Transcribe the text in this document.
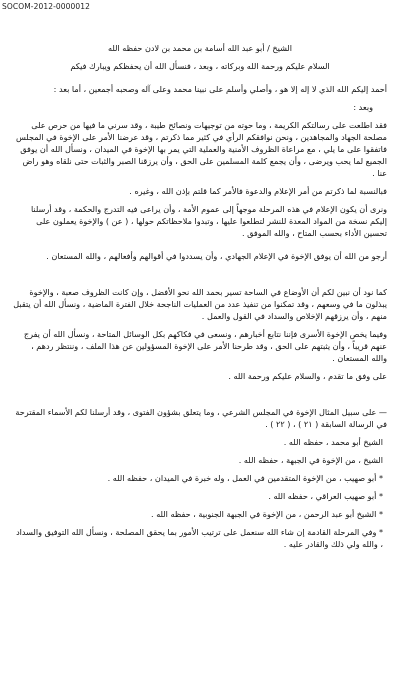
SOCOM-2012-0000012
الشيخ / أبو عبد الله أسامة بن محمد بن لادن حفظه الله
السلام عليكم ورحمة الله وبركاته ، وبعد ، فنسأل الله أن يحفظكم ويبارك فيكم
أحمد إليكم الله الذي لا إله إلا هو ، وأصلي وأسلم على نبينا محمد وعلى آله وصحبه أجمعين ، أما بعد :
وبعد :
فقد اطلعت على رسالتكم الكريمة ، وما حوته من توجيهات ونصائح طيبة ، وقد سرني ما فيها من حرص على مصلحة الجهاد والمجاهدين ، ونحن نوافقكم الرأي في كثير مما ذكرتم ، وقد عرضنا الأمر على الإخوة في المجلس فاتفقوا على ما يلي ، مع مراعاة الظروف الأمنية والعملية التي يمر بها الإخوة في الميدان ، ونسأل الله أن يوفق الجميع لما يحب ويرضى ، وأن يجمع كلمة المسلمين على الحق ، وأن يرزقنا الصبر والثبات حتى نلقاه وهو راض عنا .
فبالنسبة لما ذكرتم من أمر الإعلام والدعوة فالأمر كما قلتم بإذن الله ، وغيره .
ونرى أن يكون الإعلام في هذه المرحلة موجهاً إلى عموم الأمة ، وأن يراعى فيه التدرج والحكمة ، وقد أرسلنا إليكم نسخة من المواد المعدة للنشر لتطلعوا عليها ، وتبدوا ملاحظاتكم حولها ، ( عن ) والإخوة يعملون على تحسين الأداء بحسب المتاح ، والله الموفق .
أرجو من الله أن يوفق الإخوة في الإعلام الجهادي ، وأن يسددوا في أقوالهم وأفعالهم ، والله المستعان .
كما نود أن نبين لكم أن الأوضاع في الساحة تسير بحمد الله نحو الأفضل ، وإن كانت الظروف صعبة ، والإخوة يبذلون ما في وسعهم ، وقد تمكنوا من تنفيذ عدد من العمليات الناجحة خلال الفترة الماضية ، ونسأل الله أن يتقبل منهم ، وأن يرزقهم الإخلاص والسداد في القول والعمل .
وفيما يخص الإخوة الأسرى فإننا نتابع أخبارهم ، ونسعى في فكاكهم بكل الوسائل المتاحة ، ونسأل الله أن يفرج عنهم قريباً ، وأن يثبتهم على الحق ، وقد طرحنا الأمر على الإخوة المسؤولين عن هذا الملف ، وننتظر ردهم ، والله المستعان .
على وفق ما تقدم ، والسلام عليكم ورحمة الله .
— على سبيل المثال الإخوة في المجلس الشرعي ، وما يتعلق بشؤون الفتوى ، وقد أرسلنا لكم الأسماء المقترحة في الرسالة السابقة ( ٢١ ) ، ( ٢٢ ) .
الشيخ أبو محمد ، حفظه الله .
الشيخ ، من الإخوة في الجبهة ، حفظه الله .
* أبو صهيب ، من الإخوة المتقدمين في العمل ، وله خبرة في الميدان ، حفظه الله .
* أبو صهيب العراقي ، حفظه الله .
* الشيخ أبو عبد الرحمن ، من الإخوة في الجبهة الجنوبية ، حفظه الله .
* وفي المرحلة القادمة إن شاء الله سنعمل على ترتيب الأمور بما يحقق المصلحة ، ونسأل الله التوفيق والسداد ، والله ولي ذلك والقادر عليه .
